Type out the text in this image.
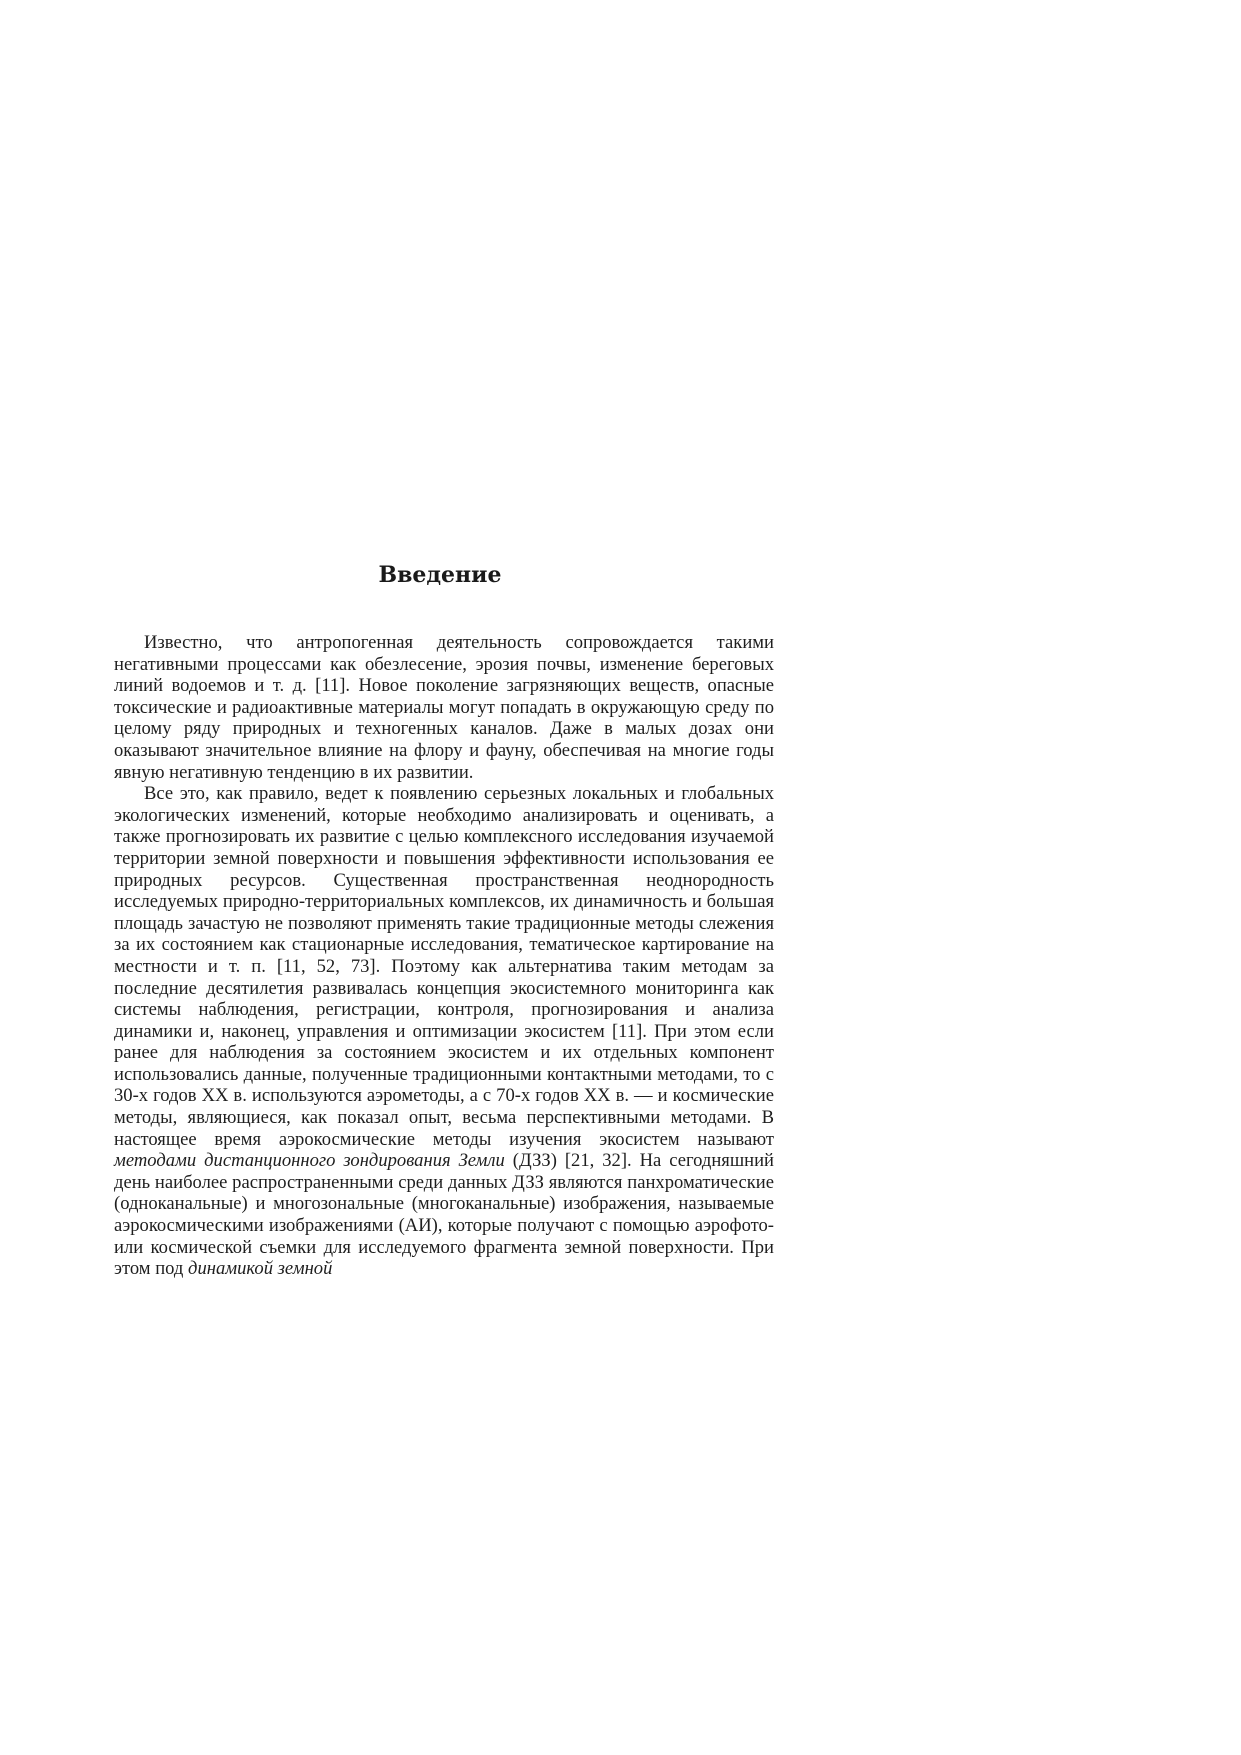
Введение

Известно, что антропогенная деятельность сопровождается такими негативными процессами как обезлесение, эрозия почвы, изменение береговых линий водоемов и т. д. [11]. Новое поколение загрязняющих веществ, опасные токсические и радиоактивные материалы могут попадать в окружающую среду по целому ряду природных и техногенных каналов. Даже в малых дозах они оказывают значительное влияние на флору и фауну, обеспечивая на многие годы явную негативную тенденцию в их развитии.

Все это, как правило, ведет к появлению серьезных локальных и глобальных экологических изменений, которые необходимо анализировать и оценивать, а также прогнозировать их развитие с целью комплексного исследования изучаемой территории земной поверхности и повышения эффективности использования ее природных ресурсов. Существенная пространственная неоднородность исследуемых природно-территориальных комплексов, их динамичность и большая площадь зачастую не позволяют применять такие традиционные методы слежения за их состоянием как стационарные исследования, тематическое картирование на местности и т. п. [11, 52, 73]. Поэтому как альтернатива таким методам за последние десятилетия развивалась концепция экосистемного мониторинга как системы наблюдения, регистрации, контроля, прогнозирования и анализа динамики и, наконец, управления и оптимизации экосистем [11]. При этом если ранее для наблюдения за состоянием экосистем и их отдельных компонент использовались данные, полученные традиционными контактными методами, то с 30-х годов XX в. используются аэрометоды, а с 70-х годов XX в. — и космические методы, являющиеся, как показал опыт, весьма перспективными методами. В настоящее время аэрокосмические методы изучения экосистем называют методами дистанционного зондирования Земли (ДЗЗ) [21, 32]. На сегодняшний день наиболее распространенными среди данных ДЗЗ являются панхроматические (одноканальные) и многозональные (многоканальные) изображения, называемые аэрокосмическими изображениями (АИ), которые получают с помощью аэрофото- или космической съемки для исследуемого фрагмента земной поверхности. При этом под динамикой земной
